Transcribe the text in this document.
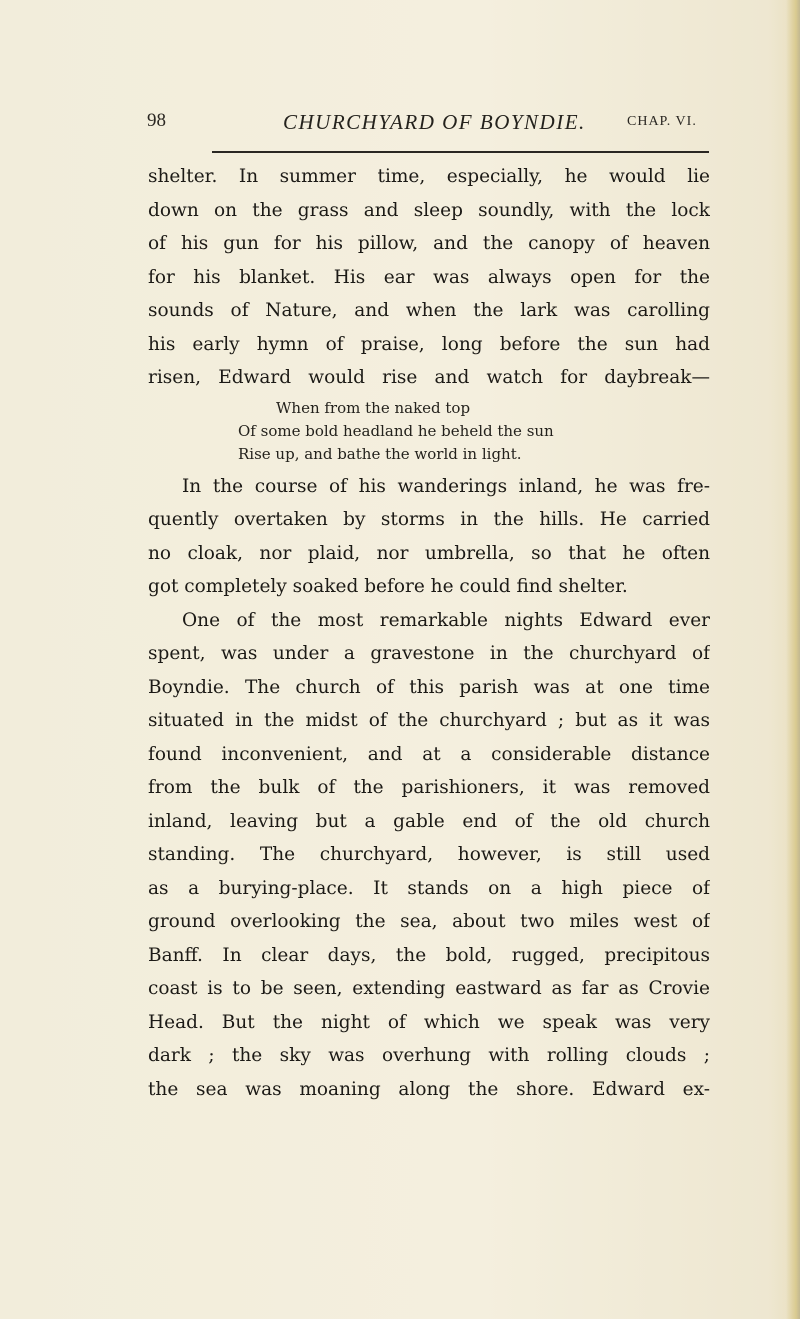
98	CHURCHYARD OF BOYNDIE.	CHAP. VI.
shelter. In summer time, especially, he would lie
down on the grass and sleep soundly, with the lock
of his gun for his pillow, and the canopy of heaven
for his blanket. His ear was always open for the
sounds of Nature, and when the lark was carolling
his early hymn of praise, long before the sun had
risen, Edward would rise and watch for daybreak—
When from the naked top
Of some bold headland he beheld the sun
Rise up, and bathe the world in light.
In the course of his wanderings inland, he was fre-
quently overtaken by storms in the hills. He carried
no cloak, nor plaid, nor umbrella, so that he often
got completely soaked before he could find shelter.
One of the most remarkable nights Edward ever
spent, was under a gravestone in the churchyard of
Boyndie. The church of this parish was at one time
situated in the midst of the churchyard ; but as it was
found inconvenient, and at a considerable distance
from the bulk of the parishioners, it was removed
inland, leaving but a gable end of the old church
standing. The churchyard, however, is still used
as a burying-place. It stands on a high piece of
ground overlooking the sea, about two miles west of
Banff. In clear days, the bold, rugged, precipitous
coast is to be seen, extending eastward as far as Crovie
Head. But the night of which we speak was very
dark ; the sky was overhung with rolling clouds ;
the sea was moaning along the shore. Edward ex-
